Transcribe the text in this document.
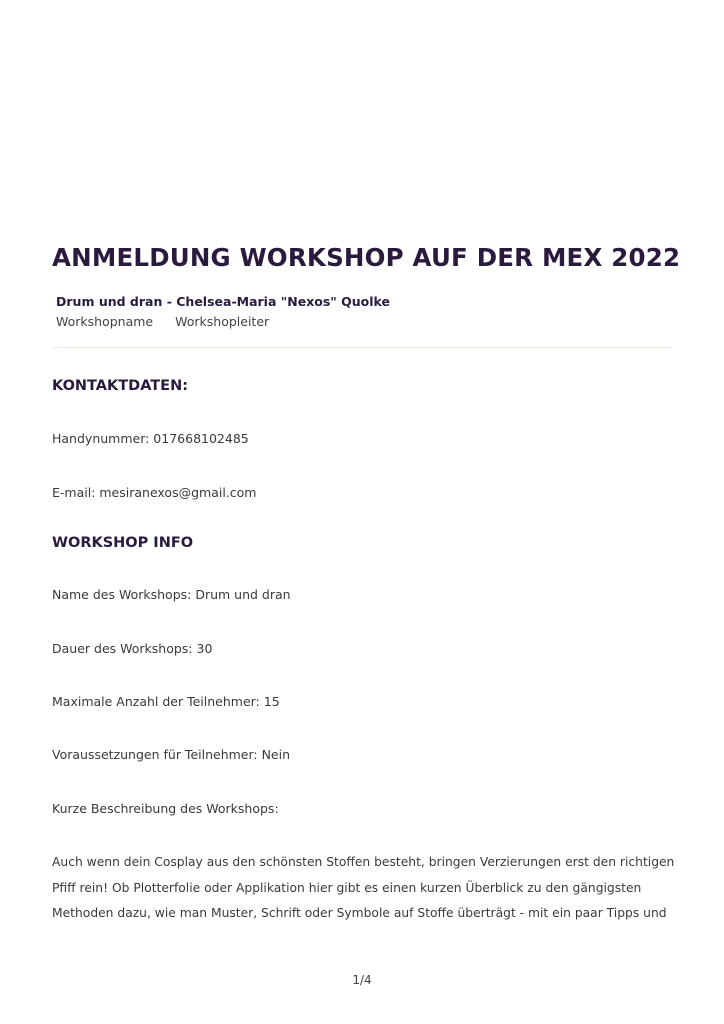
ANMELDUNG WORKSHOP AUF DER MEX 2022
Drum und dran - Chelsea-Maria "Nexos" Quolke
Workshopname Workshopleiter
KONTAKTDATEN:
Handynummer: 017668102485
E-mail: mesiranexos@gmail.com
WORKSHOP INFO
Name des Workshops: Drum und dran
Dauer des Workshops: 30
Maximale Anzahl der Teilnehmer: 15
Voraussetzungen für Teilnehmer: Nein
Kurze Beschreibung des Workshops:
Auch wenn dein Cosplay aus den schönsten Stoffen besteht, bringen Verzierungen erst den richtigen
Pfiff rein! Ob Plotterfolie oder Applikation hier gibt es einen kurzen Überblick zu den gängigsten
Methoden dazu, wie man Muster, Schrift oder Symbole auf Stoffe überträgt - mit ein paar Tipps und
1/4
